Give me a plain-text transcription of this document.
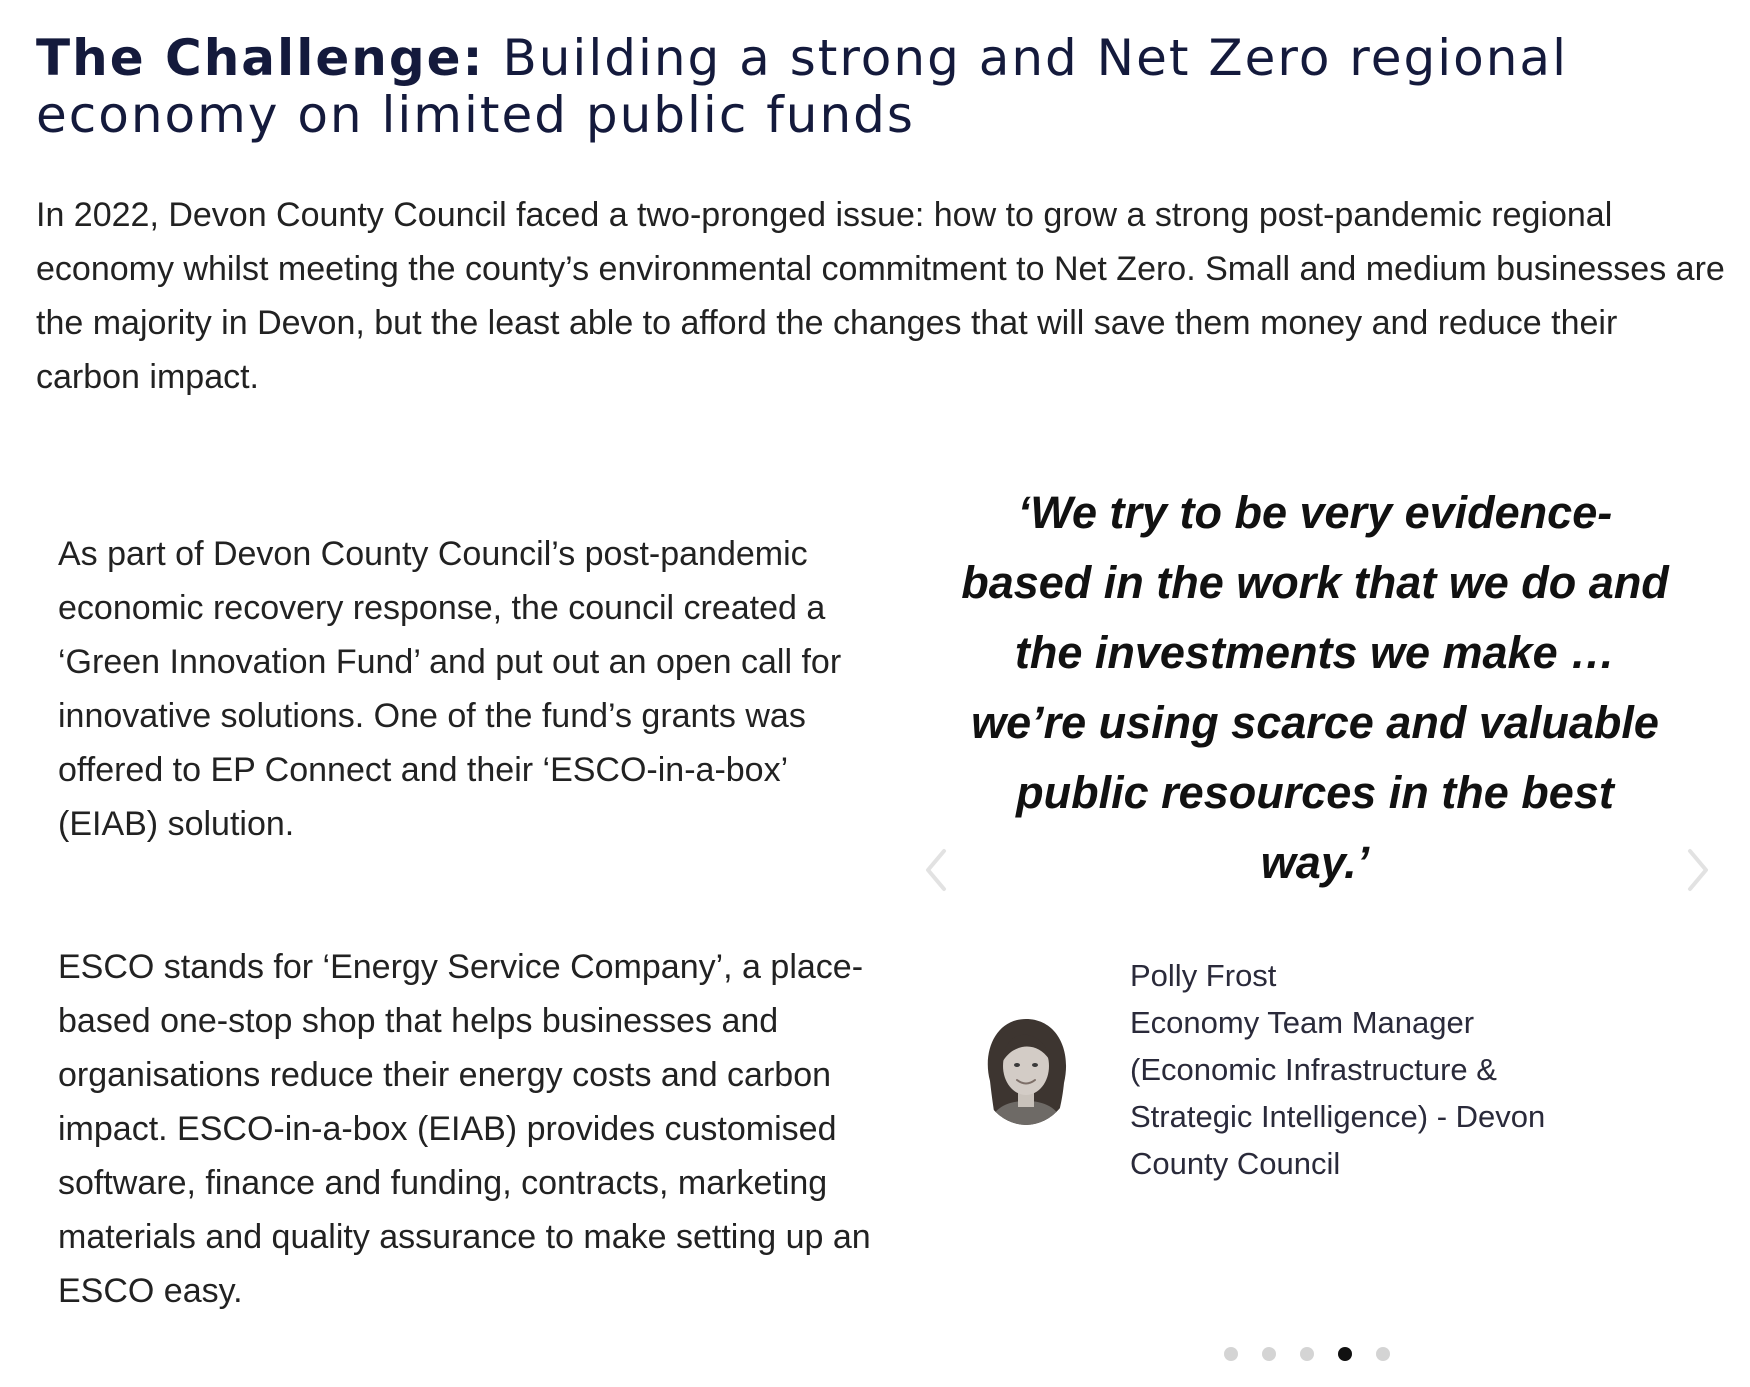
The Challenge: Building a strong and Net Zero regional economy on limited public funds

In 2022, Devon County Council faced a two-pronged issue: how to grow a strong post-pandemic regional economy whilst meeting the county’s environmental commitment to Net Zero. Small and medium businesses are the majority in Devon, but the least able to afford the changes that will save them money and reduce their carbon impact.

As part of Devon County Council’s post-pandemic economic recovery response, the council created a ‘Green Innovation Fund’ and put out an open call for innovative solutions. One of the fund’s grants was offered to EP Connect and their ‘ESCO-in-a-box’ (EIAB) solution.

ESCO stands for ‘Energy Service Company’, a place-based one-stop shop that helps businesses and organisations reduce their energy costs and carbon impact. ESCO-in-a-box (EIAB) provides customised software, finance and funding, contracts, marketing materials and quality assurance to make setting up an ESCO easy.

‘We try to be very evidence-based in the work that we do and the investments we make … we’re using scarce and valuable public resources in the best way.’

Polly Frost
Economy Team Manager
(Economic Infrastructure &
Strategic Intelligence) - Devon
County Council
